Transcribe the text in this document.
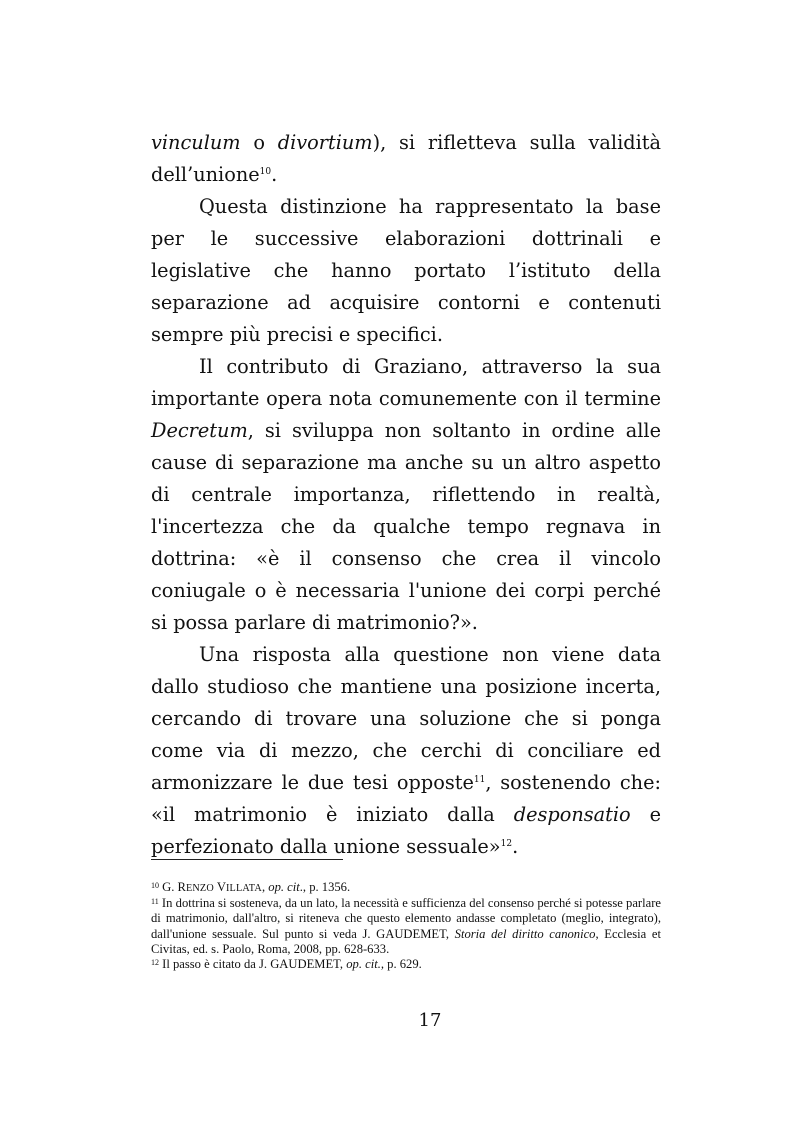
vinculum o divortium), si rifletteva sulla validità dell’unione$^{10}$.

Questa distinzione ha rappresentato la base per le successive elaborazioni dottrinali e legislative che hanno portato l’istituto della separazione ad acquisire contorni e contenuti sempre più precisi e specifici.

Il contributo di Graziano, attraverso la sua importante opera nota comunemente con il termine Decretum, si sviluppa non soltanto in ordine alle cause di separazione ma anche su un altro aspetto di centrale importanza, riflettendo in realtà, l'incertezza che da qualche tempo regnava in dottrina: «è il consenso che crea il vincolo coniugale o è necessaria l'unione dei corpi perché si possa parlare di matrimonio?».

Una risposta alla questione non viene data dallo studioso che mantiene una posizione incerta, cercando di trovare una soluzione che si ponga come via di mezzo, che cerchi di conciliare ed armonizzare le due tesi opposte$^{11}$, sostenendo che: «il matrimonio è iniziato dalla desponsatio e perfezionato dalla unione sessuale»$^{12}$.

$^{10}$ G. RENZO VILLATA, op. cit., p. 1356.

$^{11}$ In dottrina si sosteneva, da un lato, la necessità e sufficienza del consenso perché si potesse parlare di matrimonio, dall'altro, si riteneva che questo elemento andasse completato (meglio, integrato), dall'unione sessuale. Sul punto si veda J. GAUDEMET, Storia del diritto canonico, Ecclesia et Civitas, ed. s. Paolo, Roma, 2008, pp. 628-633.

$^{12}$ Il passo è citato da J. GAUDEMET, op. cit., p. 629.

17
